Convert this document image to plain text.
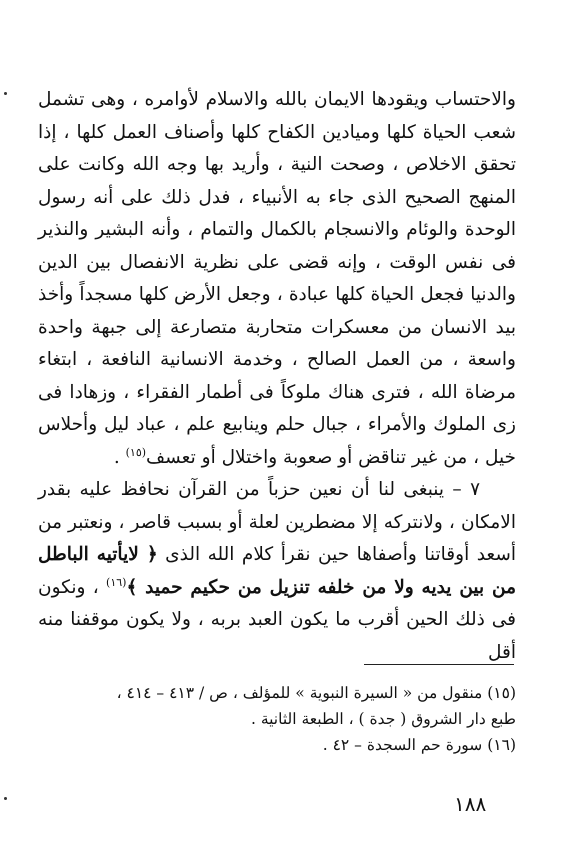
والاحتساب ويقودها الايمان بالله والاسلام لأوامره ، وهى تشمل شعب الحياة كلها وميادين الكفاح كلها وأصناف العمل كلها ، إذا تحقق الاخلاص ، وصحت النية ، وأريد بها وجه الله وكانت على المنهج الصحيح الذى جاء به الأنبياء ، فدل ذلك على أنه رسول الوحدة والوئام والانسجام بالكمال والتمام ، وأنه البشير والنذير فى نفس الوقت ، وإنه قضى على نظرية الانفصال بين الدين والدنيا فجعل الحياة كلها عبادة ، وجعل الأرض كلها مسجداً وأخذ بيد الانسان من معسكرات متحاربة متصارعة إلى جبهة واحدة واسعة ، من العمل الصالح ، وخدمة الانسانية النافعة ، ابتغاء مرضاة الله ، فترى هناك ملوكاً فى أطمار الفقراء ، وزهادا فى زى الملوك والأمراء ، جبال حلم وينابيع علم ، عباد ليل وأحلاس خيل ، من غير تناقض أو صعوبة واختلال أو تعسف$^{(١٥)}$ .

٧ – ينبغى لنا أن نعين حزباً من القرآن نحافظ عليه بقدر الامكان ، ولانتركه إلا مضطرين لعلة أو بسبب قاصر ، ونعتبر من أسعد أوقاتنا وأصفاها حين نقرأ كلام الله الذى ﴿ لايأتيه الباطل من بين يديه ولا من خلفه تنزيل من حكيم حميد ﴾$^{(١٦)}$ ، ونكون فى ذلك الحين أقرب ما يكون العبد بربه ، ولا يكون موقفنا منه أقل

(١٥) منقول من « السيرة النبوية » للمؤلف ، ص / ٤١٣ – ٤١٤ ،

طبع دار الشروق ( جدة ) ، الطبعة الثانية .

(١٦) سورة حم السجدة – ٤٢ .

١٨٨
